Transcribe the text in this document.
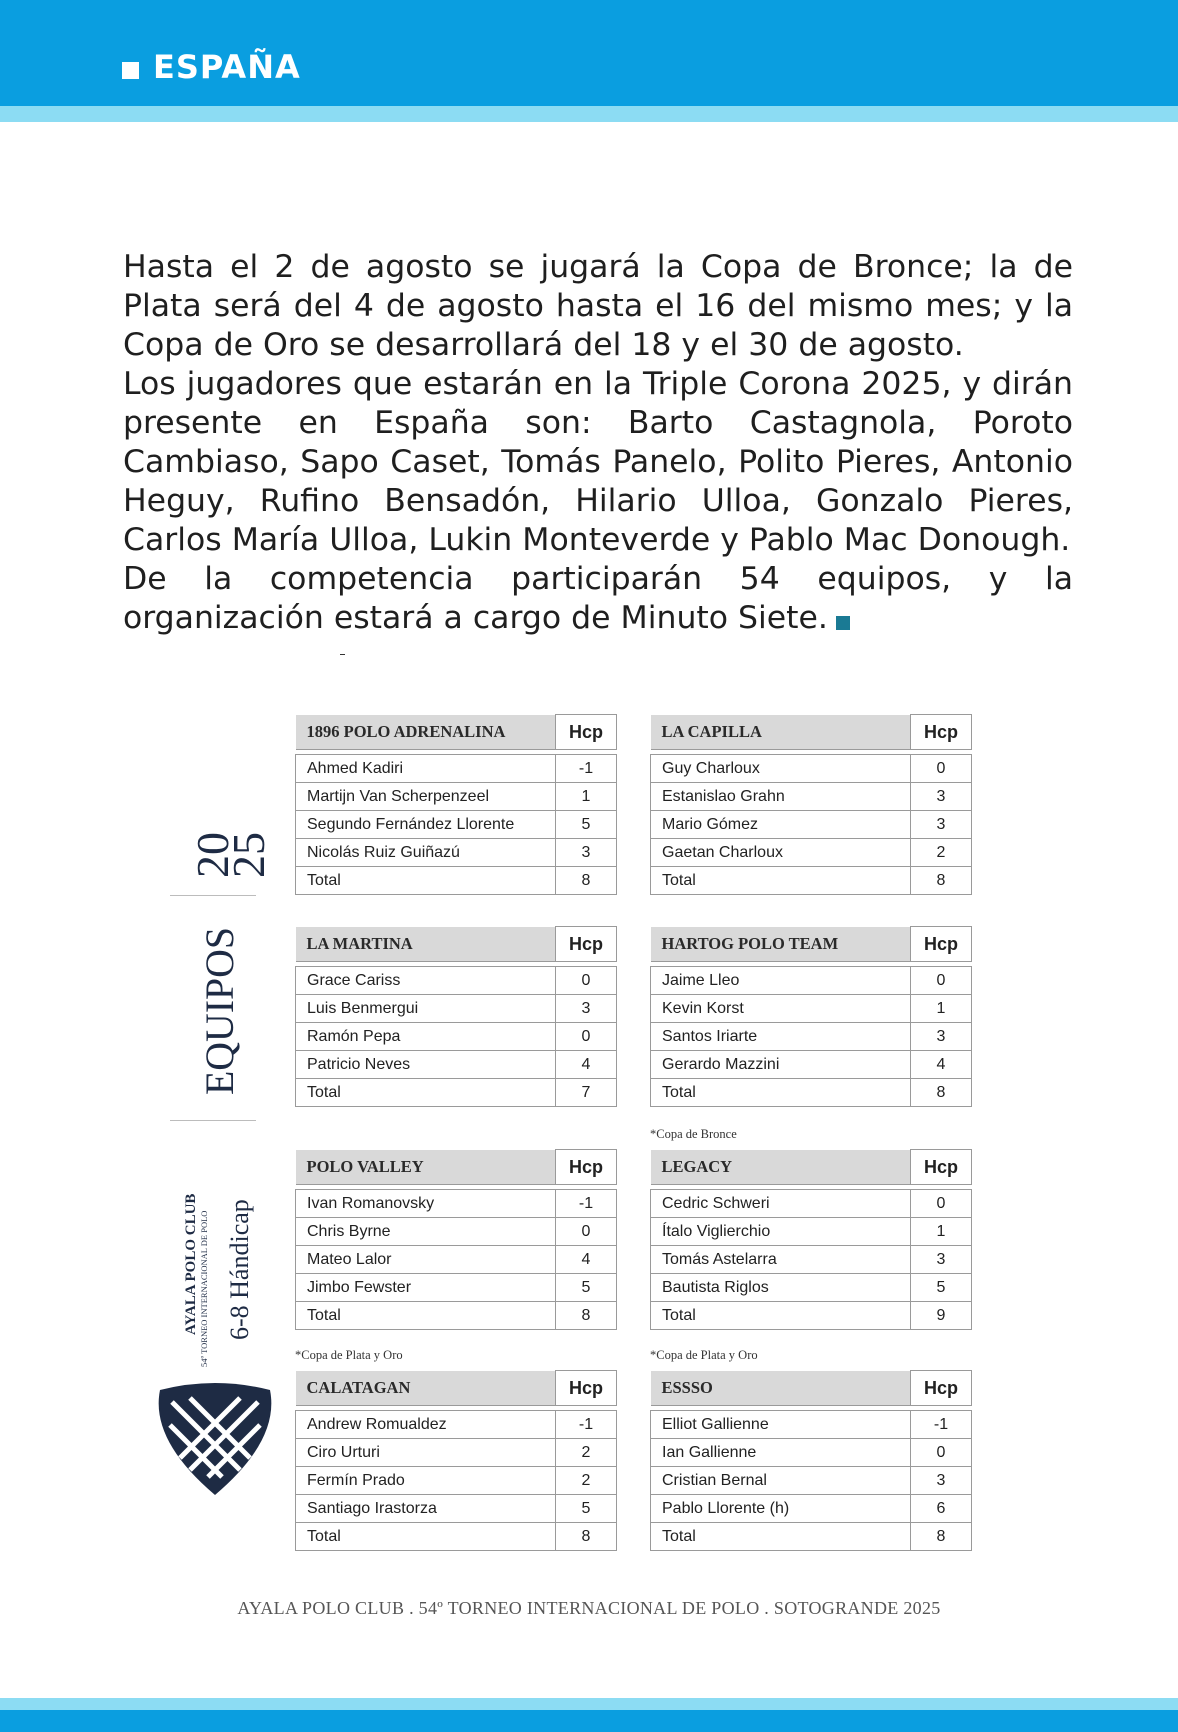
ESPAÑA

Hasta el 2 de agosto se jugará la Copa de Bronce; la de Plata será del 4 de agosto hasta el 16 del mismo mes; y la Copa de Oro se desarrollará del 18 y el 30 de agosto.

Los jugadores que estarán en la Triple Corona 2025, y dirán presente en España son: Barto Castagnola, Poroto Cambiaso, Sapo Caset, Tomás Panelo, Polito Pieres, Antonio Heguy, Rufino Bensadón, Hilario Ulloa, Gonzalo Pieres, Carlos María Ulloa, Lukin Monteverde y Pablo Mac Donough.

De la competencia participarán 54 equipos, y la organización estará a cargo de Minuto Siete.

20
25
EQUIPOS
AYALA POLO CLUB 54º TORNEO INTERNACIONAL DE POLO 6-8 Hándicap
1896 POLO ADRENALINA	Hcp

Ahmed Kadiri	-1
Martijn Van Scherpenzeel	1
Segundo Fernández Llorente	5
Nicolás Ruiz Guiñazú	3
Total	8
LA CAPILLA	Hcp

Guy Charloux	0
Estanislao Grahn	3
Mario Gómez	3
Gaetan Charloux	2
Total	8
LA MARTINA	Hcp

Grace Cariss	0
Luis Benmergui	3
Ramón Pepa	0
Patricio Neves	4
Total	7
HARTOG POLO TEAM	Hcp

Jaime Lleo	0
Kevin Korst	1
Santos Iriarte	3
Gerardo Mazzini	4
Total	8
POLO VALLEY	Hcp

Ivan Romanovsky	-1
Chris Byrne	0
Mateo Lalor	4
Jimbo Fewster	5
Total	8
*Copa de Bronce
LEGACY	Hcp

Cedric Schweri	0
Ítalo Viglierchio	1
Tomás Astelarra	3
Bautista Riglos	5
Total	9
*Copa de Plata y Oro
CALATAGAN	Hcp

Andrew Romualdez	-1
Ciro Urturi	2
Fermín Prado	2
Santiago Irastorza	5
Total	8
*Copa de Plata y Oro
ESSSO	Hcp

Elliot Gallienne	-1
Ian Gallienne	0
Cristian Bernal	3
Pablo Llorente (h)	6
Total	8
AYALA POLO CLUB . 54º TORNEO INTERNACIONAL DE POLO . SOTOGRANDE 2025
